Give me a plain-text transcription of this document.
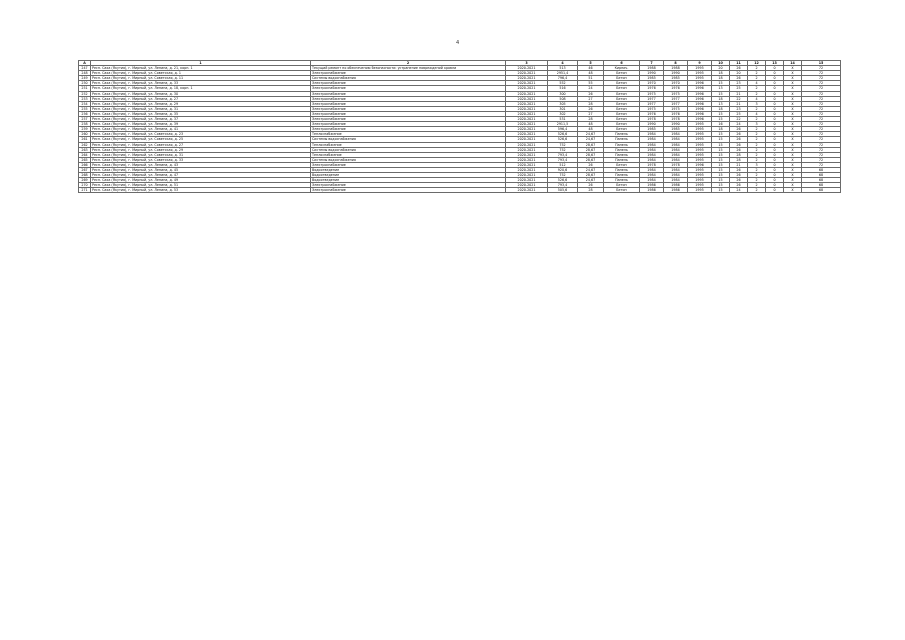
4
A	1	2	3	4	5	6	7	8	9	10	11	12	13	14	15
247	Респ. Саха (Якутия), г. Мирный, ул. Ленина, д. 21, корп. 1	Текущий ремонт по обеспечению безопасности: устранение повреждений кровли	2020-2021	513	46	Кирпич.	1988	1988	1995	20	26	2	0	X	72
248	Респ. Саха (Якутия), г. Мирный, ул. Советская, д. 1	Электроснабжение	2020-2021	2951,4	48	Бетон	1990	1990	1995	18	20	2	0	X	72
249	Респ. Саха (Якутия), г. Мирный, ул. Советская, д. 11	Системы водоснабжения	2020-2021	796,4	51	Бетон	1985	1985	1995	18	26	2	0	X	72
250	Респ. Саха (Якутия), г. Мирный, ул. Ленина, д. 33	Электроснабжение	2020-2021	552	55	Бетон	1970	1970	1996	15	23	4	0	X	72
251	Респ. Саха (Якутия), г. Мирный, ул. Ленина, д. 18, корп. 1	Электроснабжение	2020-2021	516	24	Бетон	1976	1976	1996	13	25	2	0	X	72
252	Респ. Саха (Якутия), г. Мирный, ул. Ленина, д. 30	Электроснабжение	2020-2021	300	26	Бетон	1975	1975	1996	15	21	2	0	X	72
253	Респ. Саха (Якутия), г. Мирный, ул. Ленина, д. 27	Электроснабжение	2020-2021	508	27	Бетон	1977	1977	1996	18	22	4	0	X	72
254	Респ. Саха (Якутия), г. Мирный, ул. Ленина, д. 29	Электроснабжение	2020-2021	305	28	Бетон	1977	1977	1996	13	21	3	0	X	72
255	Респ. Саха (Якутия), г. Мирный, ул. Ленина, д. 31	Электроснабжение	2020-2021	301	26	Бетон	1975	1975	1996	18	23	2	0	X	72
256	Респ. Саха (Якутия), г. Мирный, ул. Ленина, д. 35	Электроснабжение	2020-2021	302	27	Бетон	1976	1976	1996	15	25	4	0	X	72
257	Респ. Саха (Якутия), г. Мирный, ул. Ленина, д. 37	Электроснабжение	2020-2021	531	28	Бетон	1978	1978	1996	15	22	2	0	X	72
258	Респ. Саха (Якутия), г. Мирный, ул. Ленина, д. 39	Электроснабжение	2020-2021	2911,5	48	Бетон	1990	1990	1995	16	24	3	0	X	72
259	Респ. Саха (Якутия), г. Мирный, ул. Ленина, д. 41	Электроснабжение	2020-2021	596,4	48	Бетон	1985	1985	1995	18	26	2	0	X	72
260	Респ. Саха (Якутия), г. Мирный, ул. Советская, д. 23	Теплоснабжение	2020-2021	526,6	24,67	Панель	1984	1984	1995	15	26	2	0	X	72
261	Респ. Саха (Якутия), г. Мирный, ул. Советская, д. 25	Системы водоснабжения	2020-2021	526,6	24,67	Панель	1984	1984	1995	15	26	2	0	X	72
262	Респ. Саха (Якутия), г. Мирный, ул. Советская, д. 27	Теплоснабжение	2020-2021	752	28,67	Панель	1984	1984	1995	15	26	2	0	X	72
263	Респ. Саха (Якутия), г. Мирный, ул. Советская, д. 29	Системы водоснабжения	2020-2021	752	28,67	Панель	1984	1984	1995	15	26	2	0	X	72
264	Респ. Саха (Якутия), г. Мирный, ул. Советская, д. 31	Теплоснабжение	2020-2021	793,4	28,67	Панель	1984	1984	1995	15	28	2	0	X	72
265	Респ. Саха (Якутия), г. Мирный, ул. Советская, д. 33	Системы водоснабжения	2020-2021	793,4	28,67	Панель	1984	1984	1995	15	28	2	0	X	72
266	Респ. Саха (Якутия), г. Мирный, ул. Ленина, д. 43	Электроснабжение	2020-2021	512	26	Бетон	1978	1978	1996	15	21	3	0	X	72
267	Респ. Саха (Якутия), г. Мирный, ул. Ленина, д. 45	Водоотведение	2020-2021	920,6	24,67	Панель	1984	1984	1995	15	26	2	0	X	68
268	Респ. Саха (Якутия), г. Мирный, ул. Ленина, д. 47	Водоотведение	2020-2021	752	28,67	Панель	1984	1984	1995	15	26	2	0	X	68
269	Респ. Саха (Якутия), г. Мирный, ул. Ленина, д. 49	Водоотведение	2020-2021	526,6	24,67	Панель	1984	1984	1995	15	26	2	0	X	68
270	Респ. Саха (Якутия), г. Мирный, ул. Ленина, д. 51	Электроснабжение	2020-2021	793,4	26	Бетон	1986	1986	1995	15	26	2	0	X	68
271	Респ. Саха (Якутия), г. Мирный, ул. Ленина, д. 53	Электроснабжение	2020-2021	505,6	28	Бетон	1986	1986	1995	15	24	2	0	X	68
